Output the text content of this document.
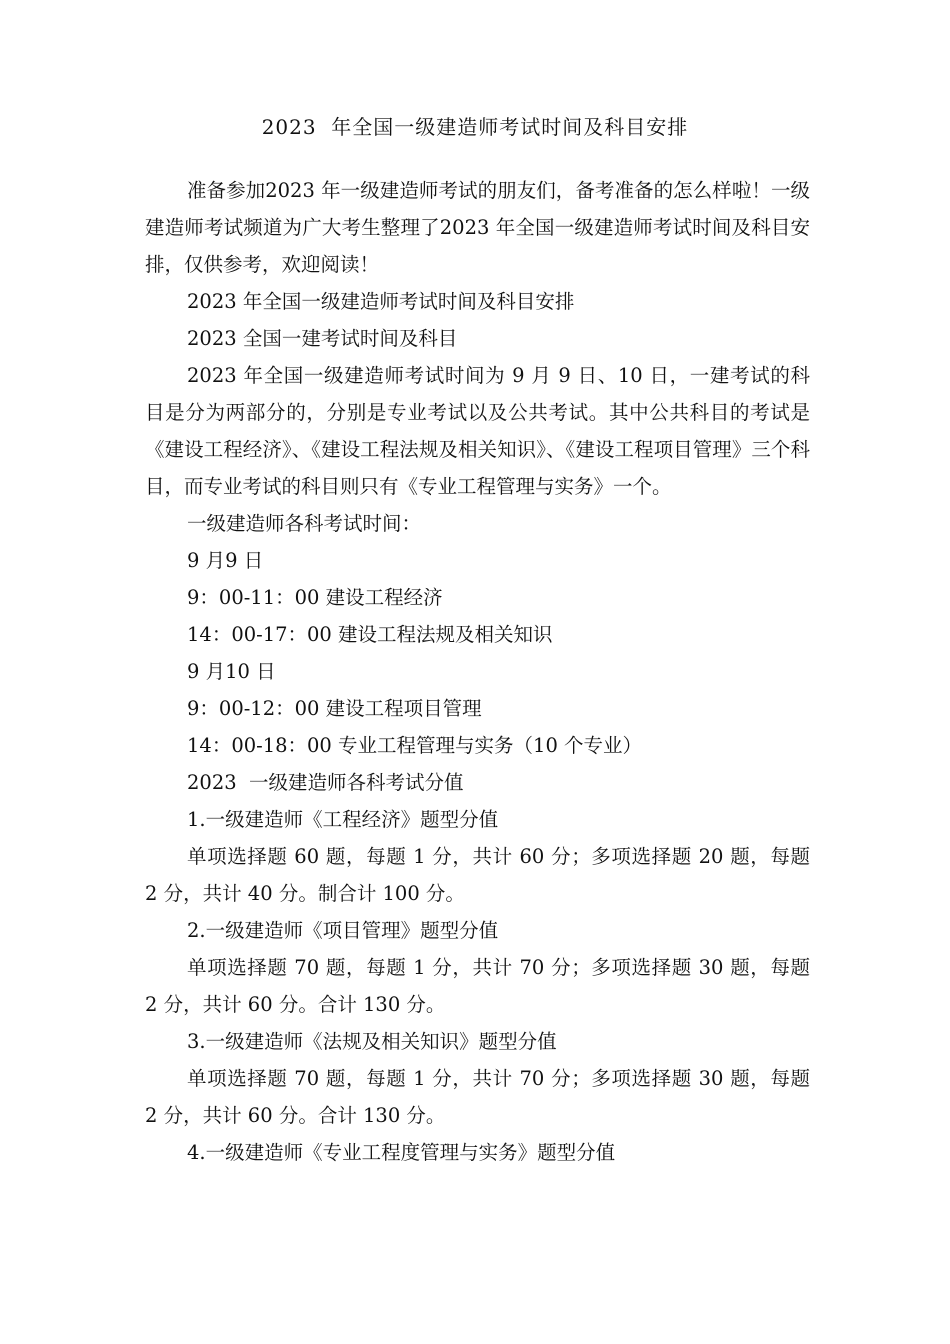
2023  年全国一级建造师考试时间及科目安排

准备参加2023 年一级建造师考试的朋友们，备考准备的怎么样啦！一级建造师考试频道为广大考生整理了2023 年全国一级建造师考试时间及科目安排，仅供参考，欢迎阅读！

2023 年全国一级建造师考试时间及科目安排

2023 全国一建考试时间及科目

2023 年全国一级建造师考试时间为 9 月 9 日、10 日，一建考试的科目是分为两部分的，分别是专业考试以及公共考试。其中公共科目的考试是《建设工程经济》、《建设工程法规及相关知识》、《建设工程项目管理》三个科目，而专业考试的科目则只有《专业工程管理与实务》一个。

一级建造师各科考试时间：

9 月9 日

9：00-11：00 建设工程经济

14：00-17：00 建设工程法规及相关知识

9 月10 日

9：00-12：00 建设工程项目管理

14：00-18：00 专业工程管理与实务（10 个专业）

2023  一级建造师各科考试分值

1.一级建造师《工程经济》题型分值

单项选择题 60 题，每题 1 分，共计 60 分；多项选择题 20 题，每题 2 分，共计 40 分。制合计 100 分。

2.一级建造师《项目管理》题型分值

单项选择题 70 题，每题 1 分，共计 70 分；多项选择题 30 题，每题 2 分，共计 60 分。合计 130 分。

3.一级建造师《法规及相关知识》题型分值

单项选择题 70 题，每题 1 分，共计 70 分；多项选择题 30 题，每题 2 分，共计 60 分。合计 130 分。

4.一级建造师《专业工程度管理与实务》题型分值
